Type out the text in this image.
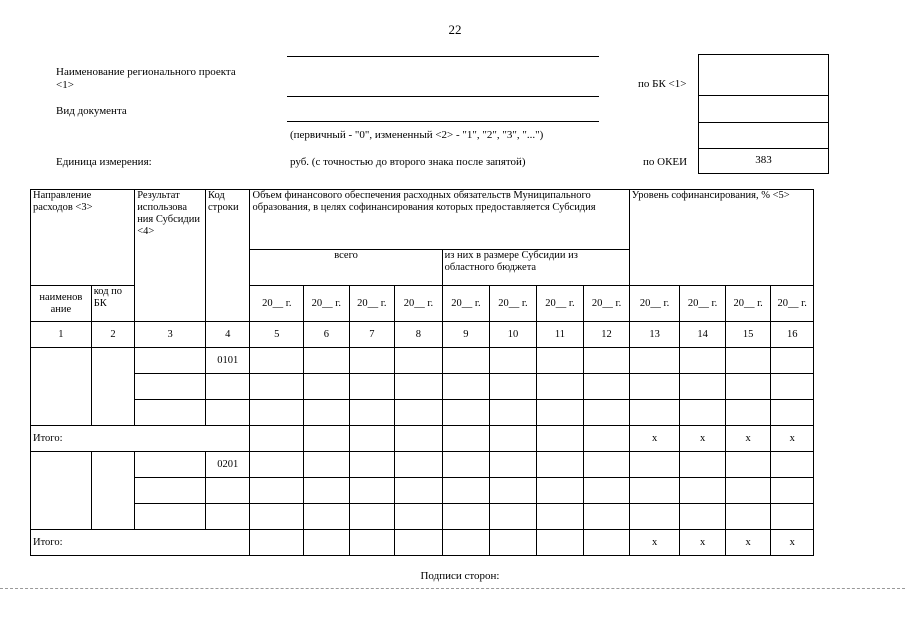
22
Наименование регионального проекта
<1>
Вид документа
(первичный - "0", измененный <2> - "1", "2", "3", "...")
Единица измерения:	руб. (с точностью до второго знака после запятой)
по БК <1>
по ОКЕИ	383
Направление расходов <3>		Результат использова ния Субсидии <4>	Код строки	Объем финансового обеспечения расходных обязательств Муниципального образования, в целях софинансирования которых предоставляется Субсидия								Уровень софинансирования, % <5>			
				всего				из них в размере Субсидии из областного бюджета							
наименов ание	код по БК			20__ г.	20__ г.	20__ г.	20__ г.	20__ г.	20__ г.	20__ г.	20__ г.	20__ г.	20__ г.	20__ г.	20__ г.
1	2	3	4	5	6	7	8	9	10	11	12	13	14	15	16
			0101												

Итого:												x	x	x	x
			0201												

Итого:												x	x	x	x
Подписи сторон:
